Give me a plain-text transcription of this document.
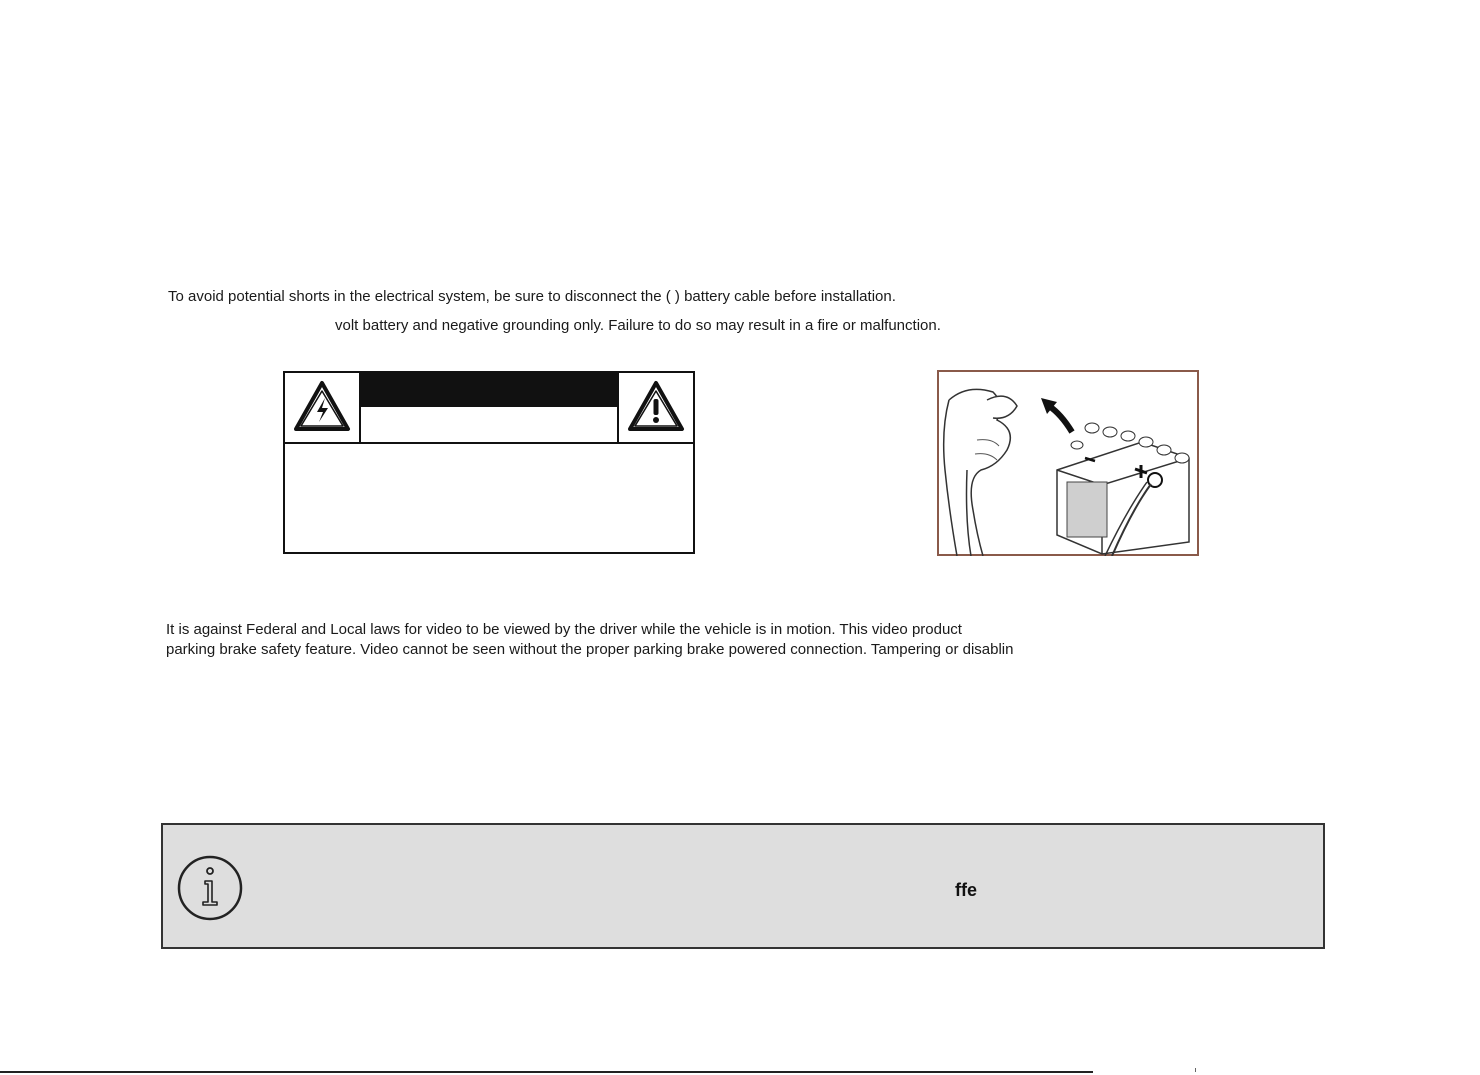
To avoid potential shorts in the electrical system, be sure to disconnect the ( ) battery cable before installation.
volt battery and negative grounding only. Failure to do so may result in a fire or malfunction.
It is against Federal and Local laws for video to be viewed by the driver while the vehicle is in motion. This video product
parking brake safety feature. Video cannot be seen without the proper parking brake powered connection. Tampering or disablin
ffe
